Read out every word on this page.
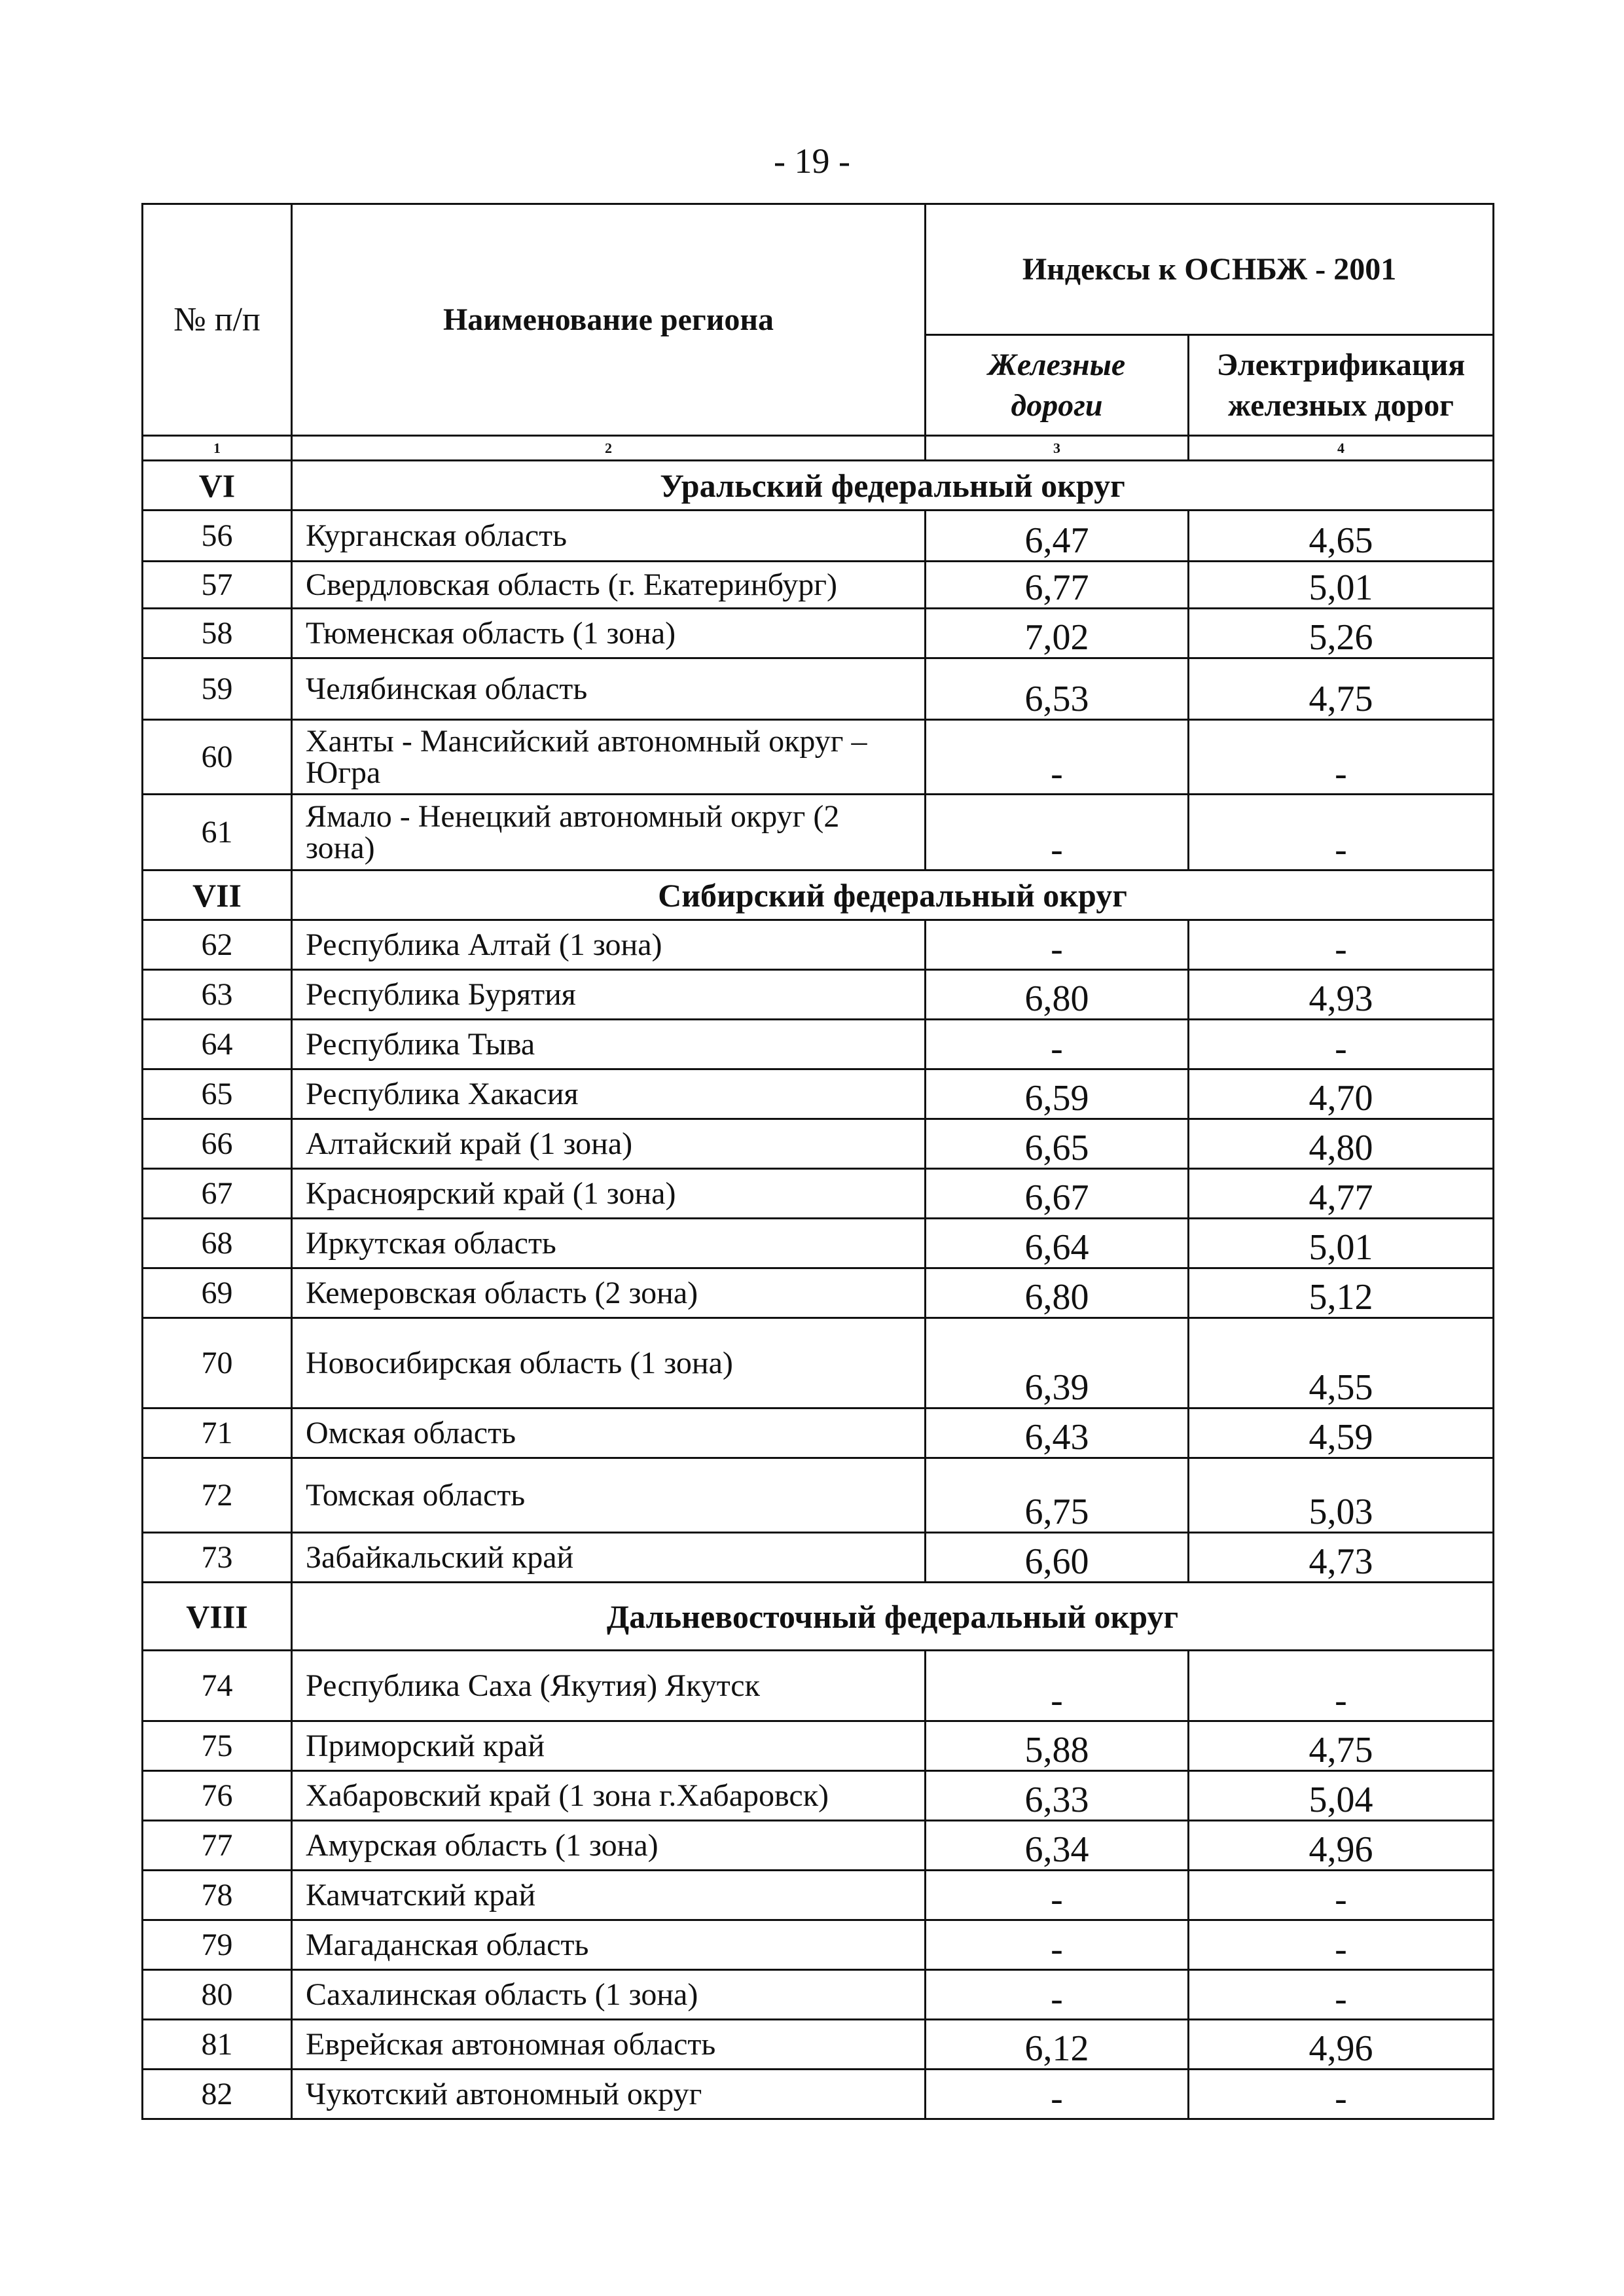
- 19 -
№ п/п	Наименование региона	Индексы к ОСНБЖ - 2001	
		Железные дороги	Электрификация железных дорог
1	2	3	4
VI	Уральский федеральный округ		
56	Курганская область	6,47	4,65
57	Свердловская область (г. Екатеринбург)	6,77	5,01
58	Тюменская область (1 зона)	7,02	5,26
59	Челябинская область	6,53	4,75
60	Ханты - Мансийский автономный округ – Югра	-	-
61	Ямало - Ненецкий автономный округ (2 зона)	-	-
VII	Сибирский федеральный округ		
62	Республика Алтай (1 зона)	-	-
63	Республика Бурятия	6,80	4,93
64	Республика Тыва	-	-
65	Республика Хакасия	6,59	4,70
66	Алтайский край (1 зона)	6,65	4,80
67	Красноярский край (1 зона)	6,67	4,77
68	Иркутская область	6,64	5,01
69	Кемеровская область (2 зона)	6,80	5,12
70	Новосибирская область (1 зона)	6,39	4,55
71	Омская область	6,43	4,59
72	Томская область	6,75	5,03
73	Забайкальский край	6,60	4,73
VIII	Дальневосточный федеральный округ		
74	Республика Саха (Якутия) Якутск	-	-
75	Приморский край	5,88	4,75
76	Хабаровский край (1 зона г.Хабаровск)	6,33	5,04
77	Амурская область (1 зона)	6,34	4,96
78	Камчатский край	-	-
79	Магаданская область	-	-
80	Сахалинская область (1 зона)	-	-
81	Еврейская автономная область	6,12	4,96
82	Чукотский автономный округ	-	-
